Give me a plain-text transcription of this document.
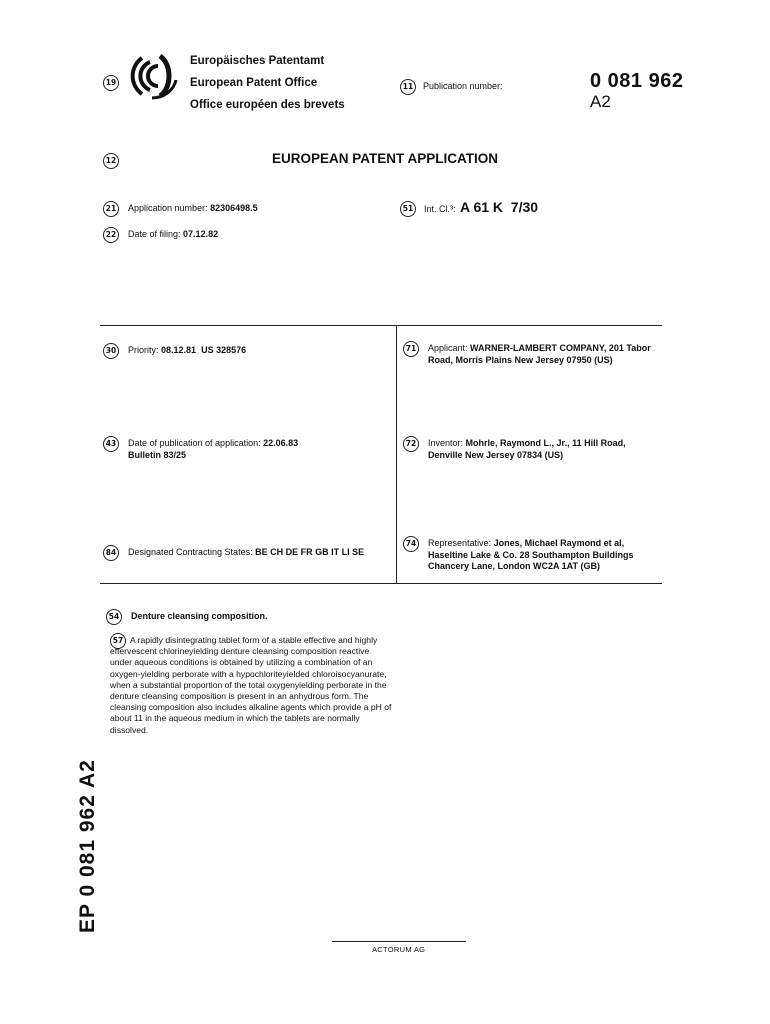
19
Europäisches Patentamt
European Patent Office
Office européen des brevets
11	Publication number:	0 081 962
A2
12	EUROPEAN PATENT APPLICATION
21	Application number: 82306498.5
22	Date of filing: 07.12.82
51	Int. Cl.³: A 61 K  7/30
30	Priority: 08.12.81  US 328576
43	Date of publication of application: 22.06.83
Bulletin 83/25
84	Designated Contracting States: BE CH DE FR GB IT LI SE
71	Applicant: WARNER-LAMBERT COMPANY, 201 Tabor Road, Morris Plains New Jersey 07950 (US)
72	Inventor: Mohrle, Raymond L., Jr., 11 Hill Road, Denville New Jersey 07834 (US)
74	Representative: Jones, Michael Raymond et al, Haseltine Lake & Co. 28 Southampton Buildings Chancery Lane, London WC2A 1AT (GB)
54	Denture cleansing composition.
57 A rapidly disintegrating tablet form of a stable effective and highly effervescent chlorineyielding denture cleansing composition reactive under aqueous conditions is obtained by utilizing a combination of an oxygen-yielding perborate with a hypochloriteyielded chloroisocyanurate, when a substantial proportion of the total oxygenyielding perborate in the denture cleansing composition is present in an anhydrous form. The cleansing composition also includes alkaline agents which provide a pH of about 11 in the aqueous medium in which the tablets are normally dissolved.
EP 0 081 962 A2
ACTORUM AG
